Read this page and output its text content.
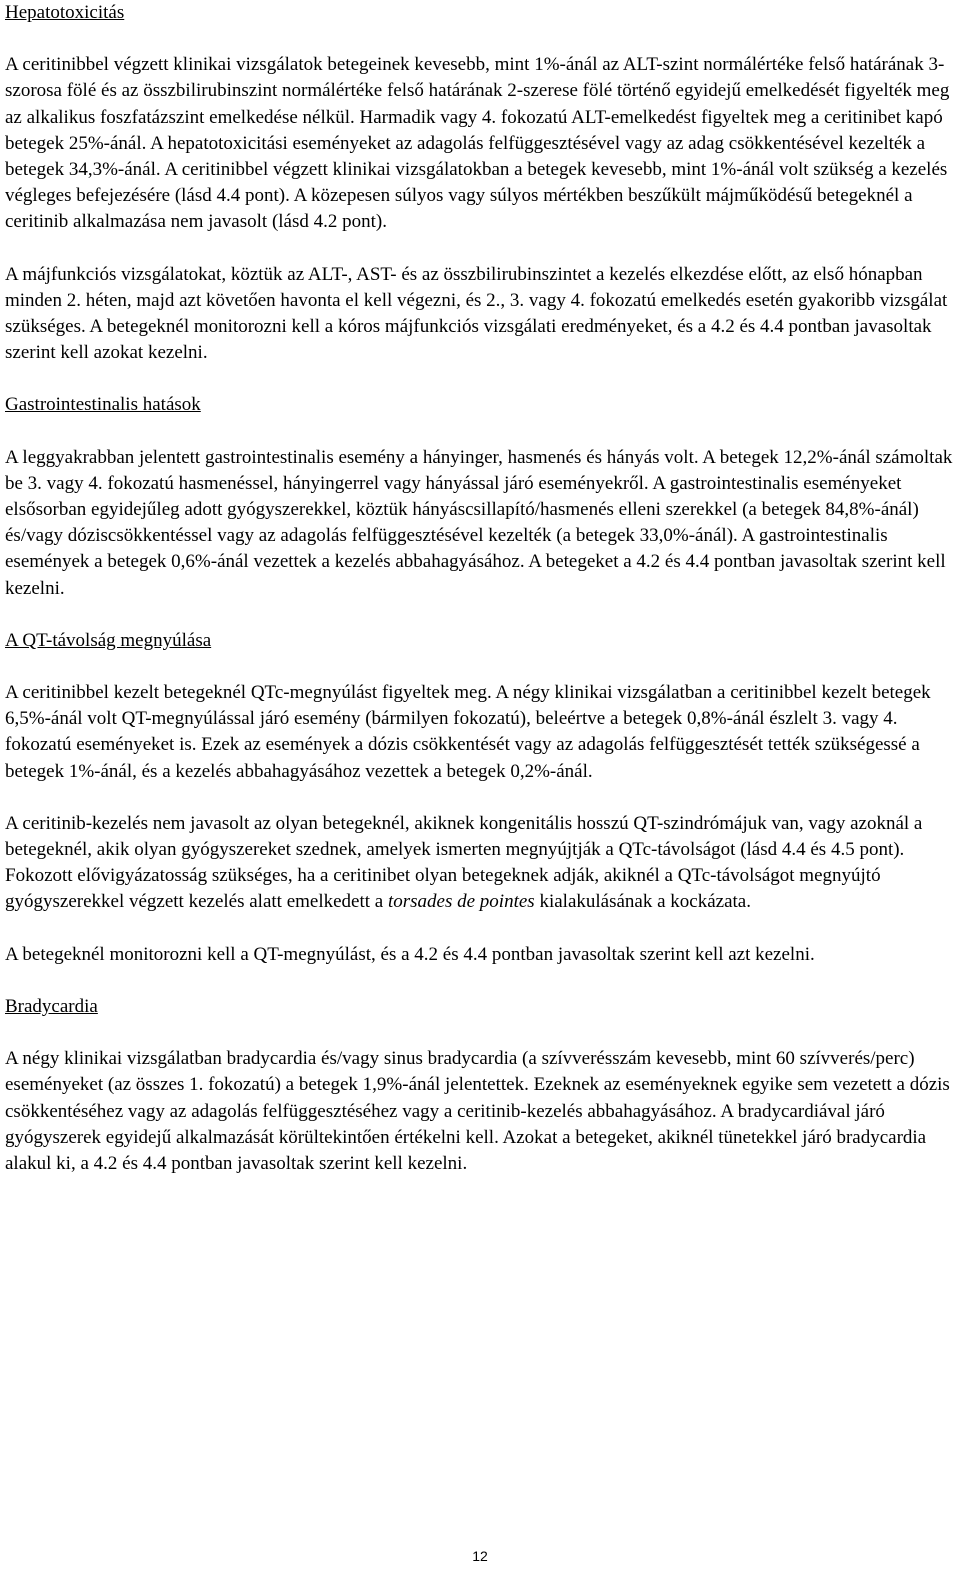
Hepatotoxicitás

A ceritinibbel végzett klinikai vizsgálatok betegeinek kevesebb, mint 1%-ánál az ALT-szint normálértéke felső határának 3-szorosa fölé és az összbilirubinszint normálértéke felső határának 2-szerese fölé történő egyidejű emelkedését figyelték meg az alkalikus foszfatázszint emelkedése nélkül. Harmadik vagy 4. fokozatú ALT-emelkedést figyeltek meg a ceritinibet kapó betegek 25%-ánál. A hepatotoxicitási eseményeket az adagolás felfüggesztésével vagy az adag csökkentésével kezelték a betegek 34,3%-ánál. A ceritinibbel végzett klinikai vizsgálatokban a betegek kevesebb, mint 1%-ánál volt szükség a kezelés végleges befejezésére (lásd 4.4 pont). A közepesen súlyos vagy súlyos mértékben beszűkült májműködésű betegeknél a ceritinib alkalmazása nem javasolt (lásd 4.2 pont).

A májfunkciós vizsgálatokat, köztük az ALT-, AST- és az összbilirubinszintet a kezelés elkezdése előtt, az első hónapban minden 2. héten, majd azt követően havonta el kell végezni, és 2., 3. vagy 4. fokozatú emelkedés esetén gyakoribb vizsgálat szükséges. A betegeknél monitorozni kell a kóros májfunkciós vizsgálati eredményeket, és a 4.2 és 4.4 pontban javasoltak szerint kell azokat kezelni.

Gastrointestinalis hatások

A leggyakrabban jelentett gastrointestinalis esemény a hányinger, hasmenés és hányás volt. A betegek 12,2%-ánál számoltak be 3. vagy 4. fokozatú hasmenéssel, hányingerrel vagy hányással járó eseményekről. A gastrointestinalis eseményeket elsősorban egyidejűleg adott gyógyszerekkel, köztük hányáscsillapító/hasmenés elleni szerekkel (a betegek 84,8%-ánál) és/vagy dóziscsökkentéssel vagy az adagolás felfüggesztésével kezelték (a betegek 33,0%-ánál). A gastrointestinalis események a betegek 0,6%-ánál vezettek a kezelés abbahagyásához. A betegeket a 4.2 és 4.4 pontban javasoltak szerint kell kezelni.

A QT-távolság megnyúlása

A ceritinibbel kezelt betegeknél QTc-megnyúlást figyeltek meg. A négy klinikai vizsgálatban a ceritinibbel kezelt betegek 6,5%-ánál volt QT-megnyúlással járó esemény (bármilyen fokozatú), beleértve a betegek 0,8%-ánál észlelt 3. vagy 4. fokozatú eseményeket is. Ezek az események a dózis csökkentését vagy az adagolás felfüggesztését tették szükségessé a betegek 1%-ánál, és a kezelés abbahagyásához vezettek a betegek 0,2%-ánál.

A ceritinib-kezelés nem javasolt az olyan betegeknél, akiknek kongenitális hosszú QT-szindrómájuk van, vagy azoknál a betegeknél, akik olyan gyógyszereket szednek, amelyek ismerten megnyújtják a QTc-távolságot (lásd 4.4 és 4.5 pont). Fokozott elővigyázatosság szükséges, ha a ceritinibet olyan betegeknek adják, akiknél a QTc-távolságot megnyújtó gyógyszerekkel végzett kezelés alatt emelkedett a torsades de pointes kialakulásának a kockázata.

A betegeknél monitorozni kell a QT-megnyúlást, és a 4.2 és 4.4 pontban javasoltak szerint kell azt kezelni.

Bradycardia

A négy klinikai vizsgálatban bradycardia és/vagy sinus bradycardia (a szívverésszám kevesebb, mint 60 szívverés/perc) eseményeket (az összes 1. fokozatú) a betegek 1,9%-ánál jelentettek. Ezeknek az eseményeknek egyike sem vezetett a dózis csökkentéséhez vagy az adagolás felfüggesztéséhez vagy a ceritinib-kezelés abbahagyásához. A bradycardiával járó gyógyszerek egyidejű alkalmazását körültekintően értékelni kell. Azokat a betegeket, akiknél tünetekkel járó bradycardia alakul ki, a 4.2 és 4.4 pontban javasoltak szerint kell kezelni.

12
